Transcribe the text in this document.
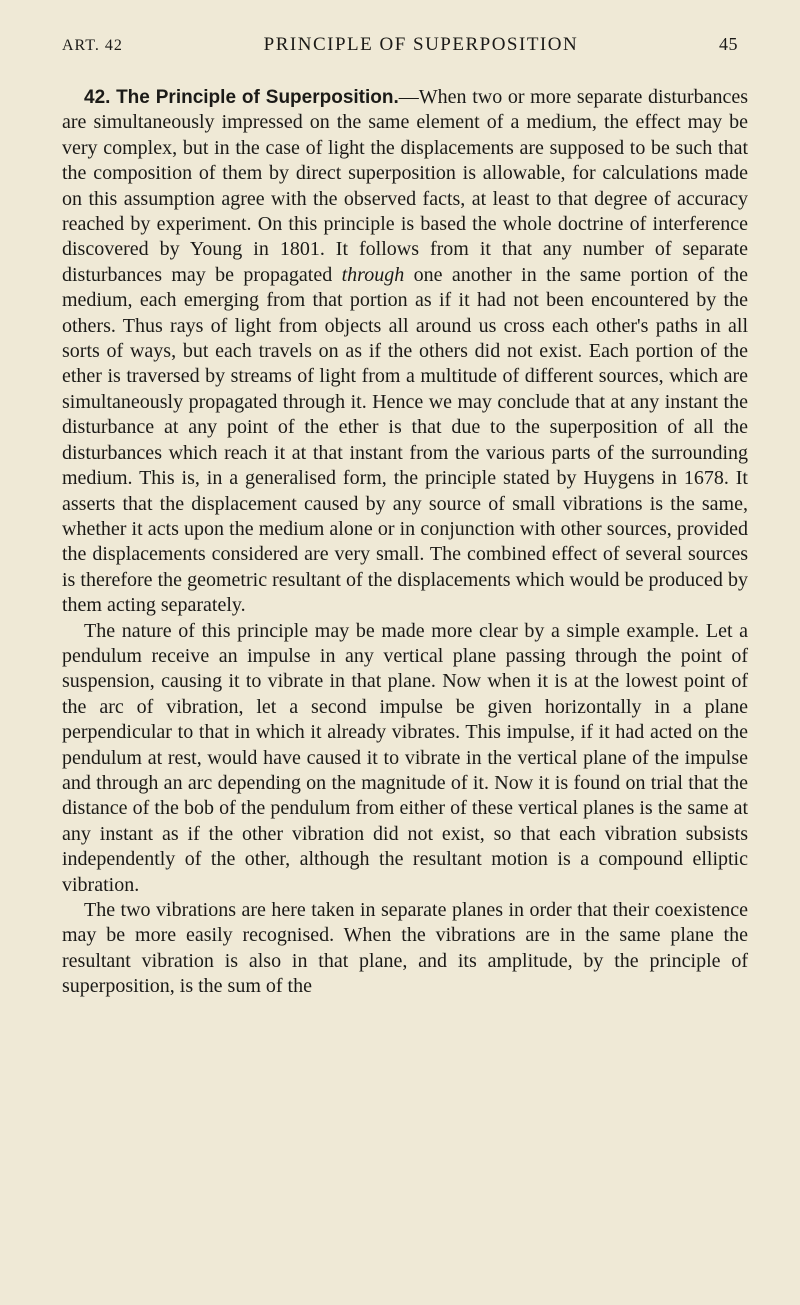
ART. 42	PRINCIPLE OF SUPERPOSITION	45

42. The Principle of Superposition.—When two or more separate disturbances are simultaneously impressed on the same element of a medium, the effect may be very complex, but in the case of light the displacements are supposed to be such that the composition of them by direct superposition is allowable, for calculations made on this assumption agree with the observed facts, at least to that degree of accuracy reached by experiment. On this principle is based the whole doctrine of interference discovered by Young in 1801. It follows from it that any number of separate disturbances may be propagated through one another in the same portion of the medium, each emerging from that portion as if it had not been encountered by the others. Thus rays of light from objects all around us cross each other's paths in all sorts of ways, but each travels on as if the others did not exist. Each portion of the ether is traversed by streams of light from a multitude of different sources, which are simultaneously propagated through it. Hence we may conclude that at any instant the disturbance at any point of the ether is that due to the superposition of all the disturbances which reach it at that instant from the various parts of the surrounding medium. This is, in a generalised form, the principle stated by Huygens in 1678. It asserts that the displacement caused by any source of small vibrations is the same, whether it acts upon the medium alone or in conjunction with other sources, provided the displacements considered are very small. The combined effect of several sources is therefore the geometric resultant of the displacements which would be produced by them acting separately.

The nature of this principle may be made more clear by a simple example. Let a pendulum receive an impulse in any vertical plane passing through the point of suspension, causing it to vibrate in that plane. Now when it is at the lowest point of the arc of vibration, let a second impulse be given horizontally in a plane perpendicular to that in which it already vibrates. This impulse, if it had acted on the pendulum at rest, would have caused it to vibrate in the vertical plane of the impulse and through an arc depending on the magnitude of it. Now it is found on trial that the distance of the bob of the pendulum from either of these vertical planes is the same at any instant as if the other vibration did not exist, so that each vibration subsists independently of the other, although the resultant motion is a compound elliptic vibration.

The two vibrations are here taken in separate planes in order that their coexistence may be more easily recognised. When the vibrations are in the same plane the resultant vibration is also in that plane, and its amplitude, by the principle of superposition, is the sum of the
